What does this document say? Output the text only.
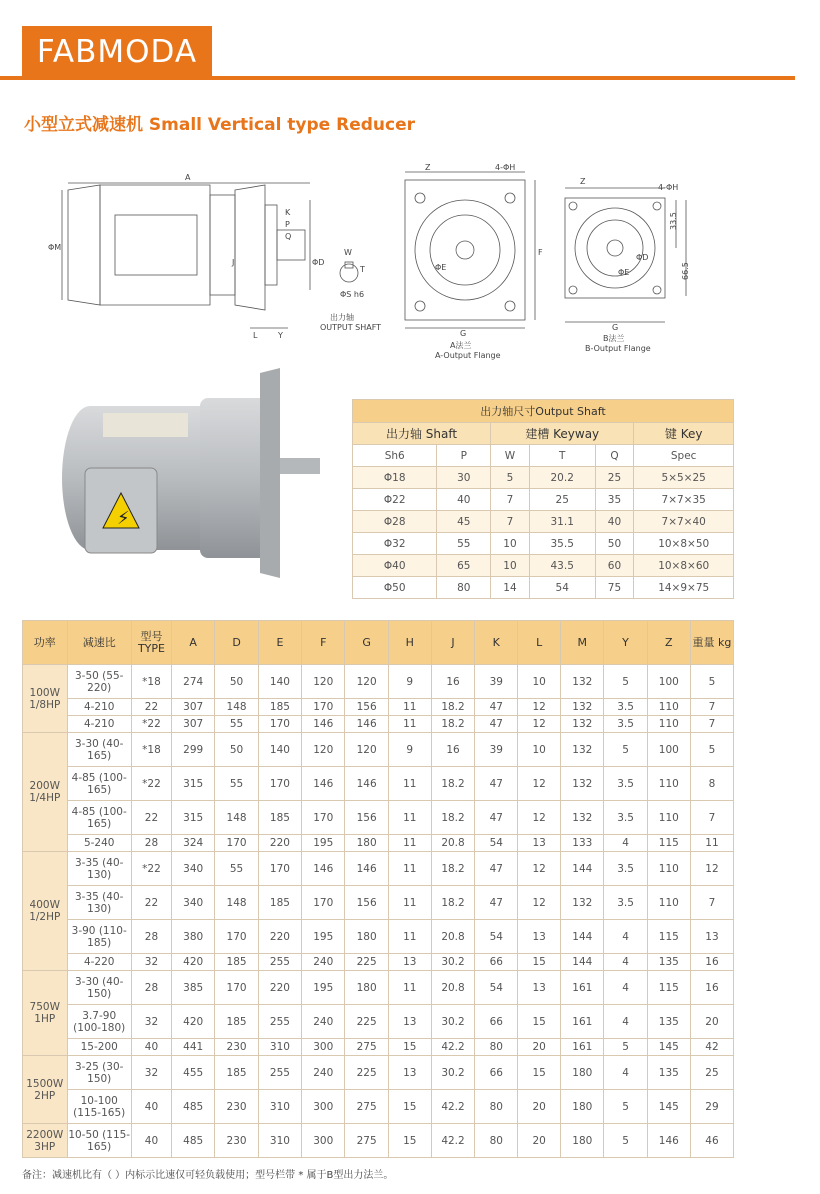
FABMODA
小型立式减速机 Small Vertical type Reducer
A
K
P
Q
J
ΦM
ΦD
L	Y
W
T
ΦS h6
出力轴
OUTPUT SHAFT
Z	4-ΦH
F
ΦE
G
A法兰
A-Output Flange
Z
4-ΦH
ΦD
ΦE
G
33.5
66.5
B法兰
B-Output Flange
⚡
出力轴尺寸Output Shaft					
出力轴 Shaft		建槽 Keyway			键 Key
Sh6	P	W	T	Q	Spec
Φ18	30	5	20.2	25	5×5×25
Φ22	40	7	25	35	7×7×35
Φ28	45	7	31.1	40	7×7×40
Φ32	55	10	35.5	50	10×8×50
Φ40	65	10	43.5	60	10×8×60
Φ50	80	14	54	75	14×9×75
功率	减速比	型号 TYPE	A	D	E	F	G	H	J	K	L	M	Y	Z	重量 kg
100W 1/8HP	3-50 (55-220)	*18	274	50	140	120	120	9	16	39	10	132	5	100	5
	4-210	22	307	148	185	170	156	11	18.2	47	12	132	3.5	110	7
	4-210	*22	307	55	170	146	146	11	18.2	47	12	132	3.5	110	7
200W 1/4HP	3-30 (40-165)	*18	299	50	140	120	120	9	16	39	10	132	5	100	5
	4-85 (100-165)	*22	315	55	170	146	146	11	18.2	47	12	132	3.5	110	8
	4-85 (100-165)	22	315	148	185	170	156	11	18.2	47	12	132	3.5	110	7
	5-240	28	324	170	220	195	180	11	20.8	54	13	133	4	115	11
400W 1/2HP	3-35 (40-130)	*22	340	55	170	146	146	11	18.2	47	12	144	3.5	110	12
	3-35 (40-130)	22	340	148	185	170	156	11	18.2	47	12	132	3.5	110	7
	3-90 (110-185)	28	380	170	220	195	180	11	20.8	54	13	144	4	115	13
	4-220	32	420	185	255	240	225	13	30.2	66	15	144	4	135	16
750W 1HP	3-30 (40-150)	28	385	170	220	195	180	11	20.8	54	13	161	4	115	16
	3.7-90 (100-180)	32	420	185	255	240	225	13	30.2	66	15	161	4	135	20
	15-200	40	441	230	310	300	275	15	42.2	80	20	161	5	145	42
1500W 2HP	3-25 (30-150)	32	455	185	255	240	225	13	30.2	66	15	180	4	135	25
	10-100 (115-165)	40	485	230	310	300	275	15	42.2	80	20	180	5	145	29
2200W 3HP	10-50 (115-165)	40	485	230	310	300	275	15	42.2	80	20	180	5	146	46
备注：减速机比有（ ）内标示比速仅可轻负载使用；型号栏带 * 属于B型出力法兰。
